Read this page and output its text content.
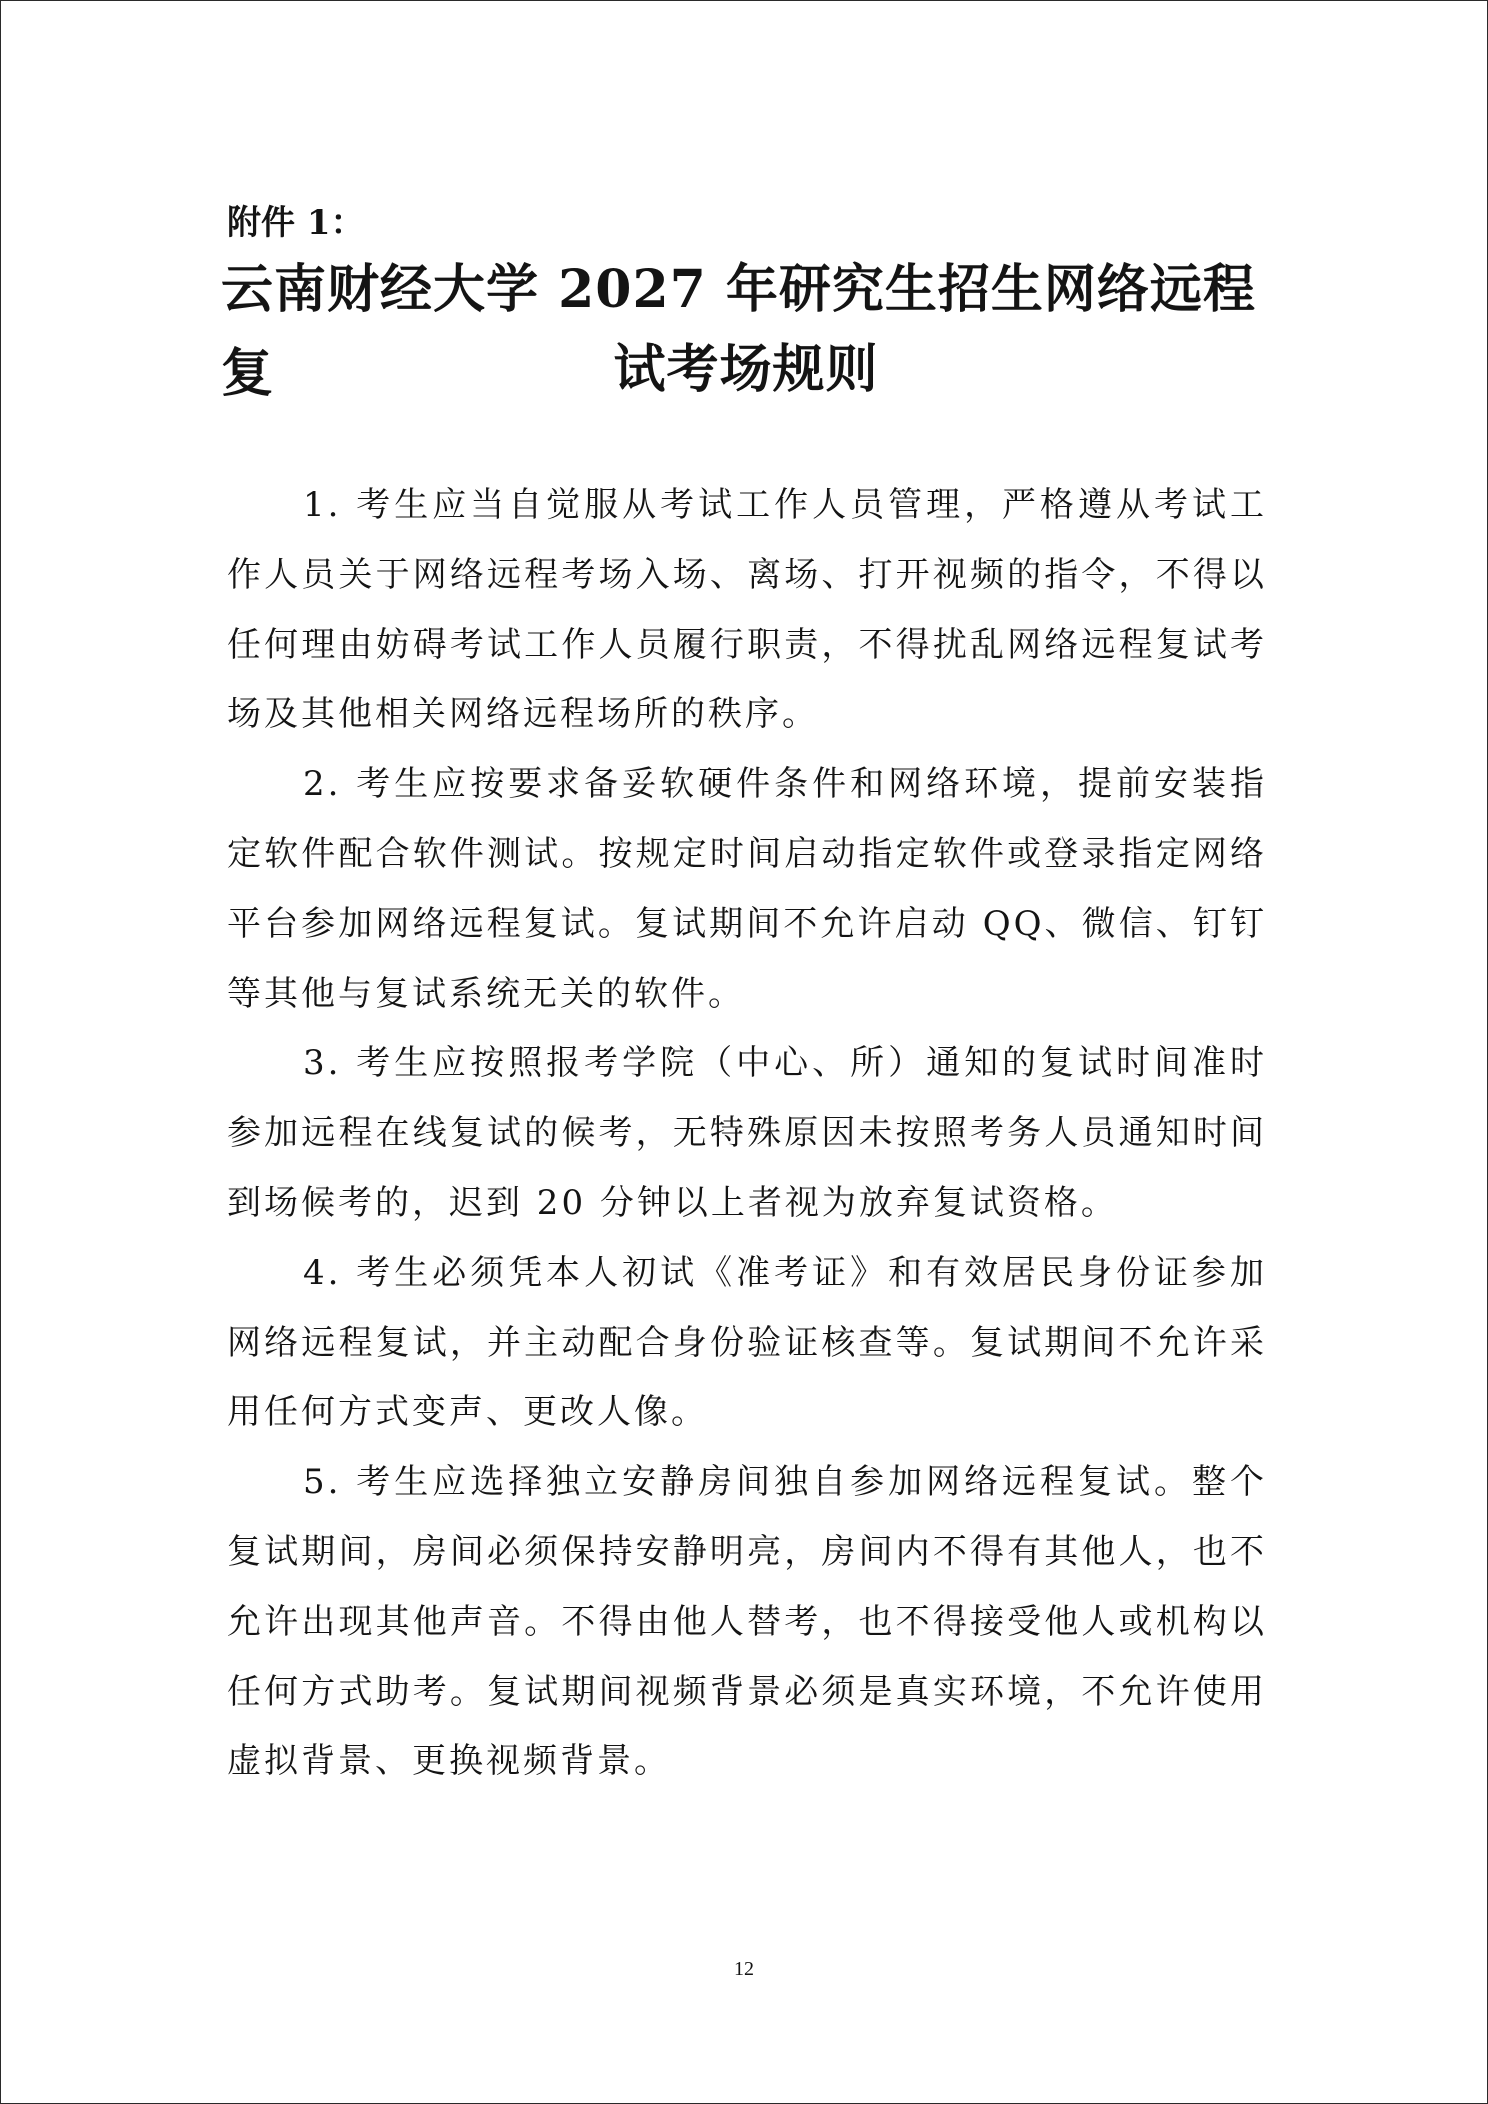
附件 1：

云南财经大学 2027 年研究生招生网络远程复	试考场规则

1. 考生应当自觉服从考试工作人员管理，严格遵从考试工作人员关于网络远程考场入场、离场、打开视频的指令，不得以任何理由妨碍考试工作人员履行职责，不得扰乱网络远程复试考场及其他相关网络远程场所的秩序。

2. 考生应按要求备妥软硬件条件和网络环境，提前安装指定软件配合软件测试。按规定时间启动指定软件或登录指定网络平台参加网络远程复试。复试期间不允许启动 QQ、微信、钉钉等其他与复试系统无关的软件。

3. 考生应按照报考学院（中心、所）通知的复试时间准时参加远程在线复试的候考，无特殊原因未按照考务人员通知时间到场候考的，迟到 20 分钟以上者视为放弃复试资格。

4. 考生必须凭本人初试《准考证》和有效居民身份证参加网络远程复试，并主动配合身份验证核查等。复试期间不允许采用任何方式变声、更改人像。

5. 考生应选择独立安静房间独自参加网络远程复试。整个复试期间，房间必须保持安静明亮，房间内不得有其他人，也不允许出现其他声音。不得由他人替考，也不得接受他人或机构以任何方式助考。复试期间视频背景必须是真实环境，不允许使用虚拟背景、更换视频背景。

12
